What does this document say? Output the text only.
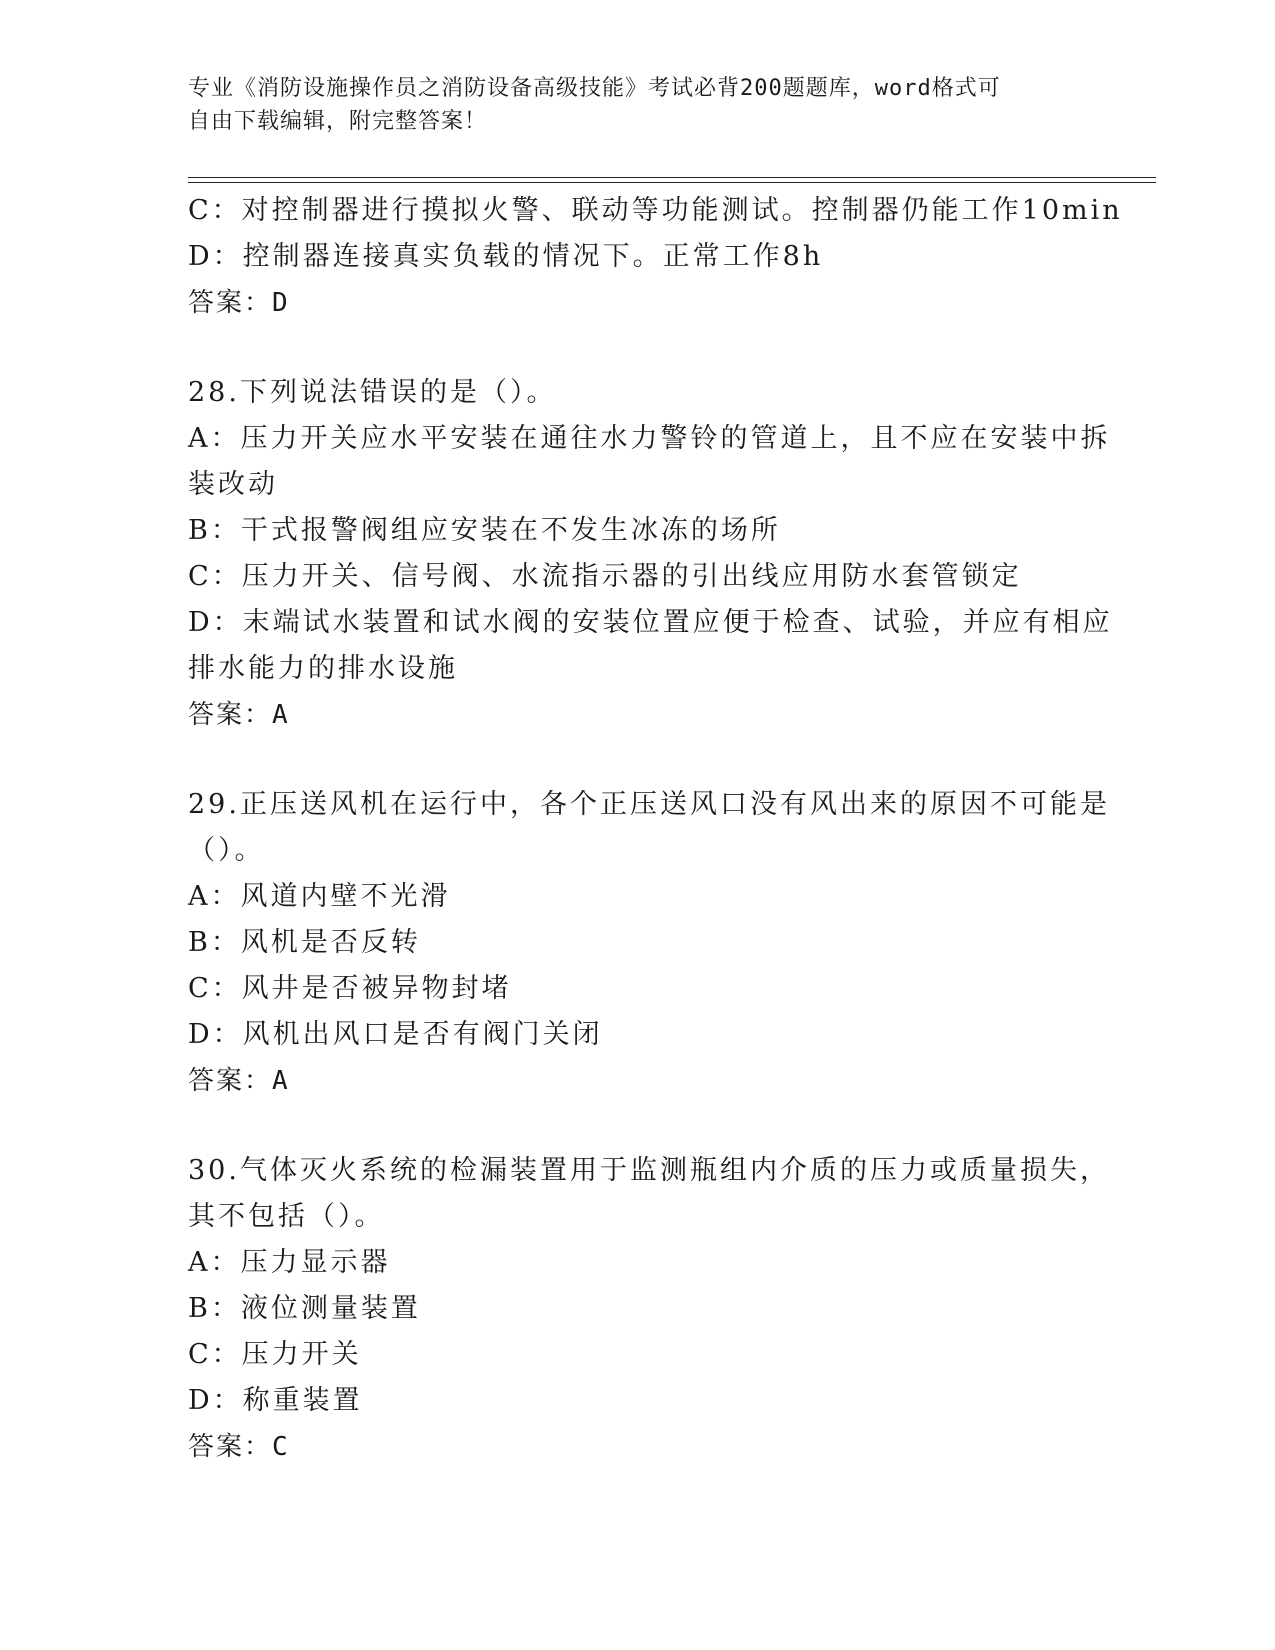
专业《消防设施操作员之消防设备高级技能》考试必背200题题库，word格式可
自由下载编辑，附完整答案！
C：对控制器进行摸拟火警、联动等功能测试。控制器仍能工作10min
D：控制器连接真实负载的情况下。正常工作8h
答案：D
28.下列说法错误的是（）。
A：压力开关应水平安装在通往水力警铃的管道上，且不应在安装中拆
装改动
B：干式报警阀组应安装在不发生冰冻的场所
C：压力开关、信号阀、水流指示器的引出线应用防水套管锁定
D：末端试水装置和试水阀的安装位置应便于检查、试验，并应有相应
排水能力的排水设施
答案：A
29.正压送风机在运行中，各个正压送风口没有风出来的原因不可能是
（）。
A：风道内壁不光滑
B：风机是否反转
C：风井是否被异物封堵
D：风机出风口是否有阀门关闭
答案：A
30.气体灭火系统的检漏装置用于监测瓶组内介质的压力或质量损失，
其不包括（）。
A：压力显示器
B：液位测量装置
C：压力开关
D：称重装置
答案：C
